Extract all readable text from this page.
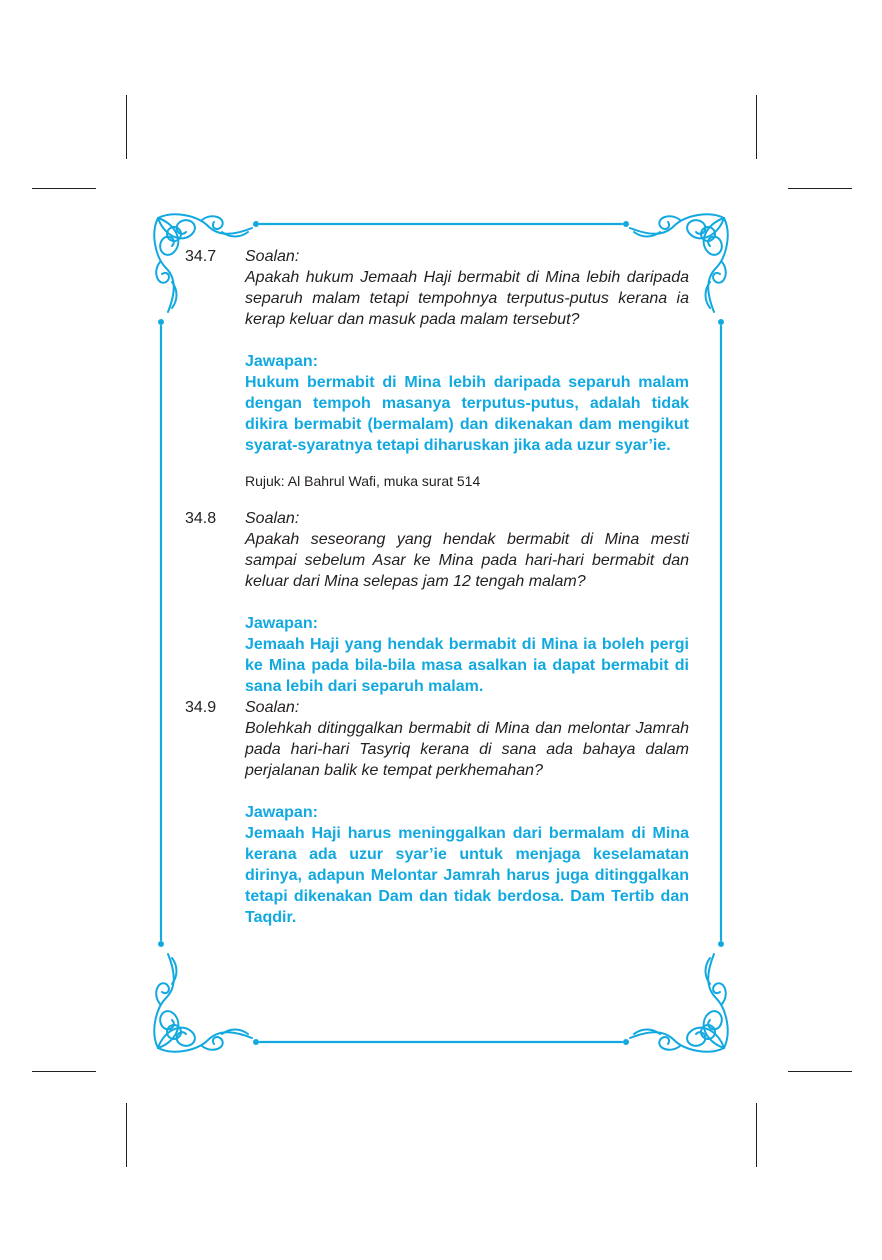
34.7 Soalan:
Apakah hukum Jemaah Haji bermabit di Mina lebih daripada separuh malam tetapi tempohnya terputus-putus kerana ia kerap keluar dan masuk pada malam tersebut?
Jawapan:
Hukum bermabit di Mina lebih daripada separuh malam dengan tempoh masanya terputus-putus, adalah tidak dikira bermabit (bermalam) dan dikenakan dam mengikut syarat-syaratnya tetapi diharuskan jika ada uzur syar’ie.
Rujuk: Al Bahrul Wafi, muka surat 514
34.8 Soalan:
Apakah seseorang yang hendak bermabit di Mina mesti sampai sebelum Asar ke Mina pada hari-hari bermabit dan keluar dari Mina selepas jam 12 tengah malam?
Jawapan:
Jemaah Haji yang hendak bermabit di Mina ia boleh pergi ke Mina pada bila-bila masa asalkan ia dapat bermabit di sana lebih dari separuh malam.
34.9 Soalan:
Bolehkah ditinggalkan bermabit di Mina dan melontar Jamrah pada hari-hari Tasyriq kerana di sana ada bahaya dalam perjalanan balik ke tempat perkhemahan?
Jawapan:
Jemaah Haji harus meninggalkan dari bermalam di Mina kerana ada uzur syar’ie untuk menjaga keselamatan dirinya, adapun Melontar Jamrah harus juga ditinggalkan tetapi dikenakan Dam dan tidak berdosa. Dam Tertib dan Taqdir.
